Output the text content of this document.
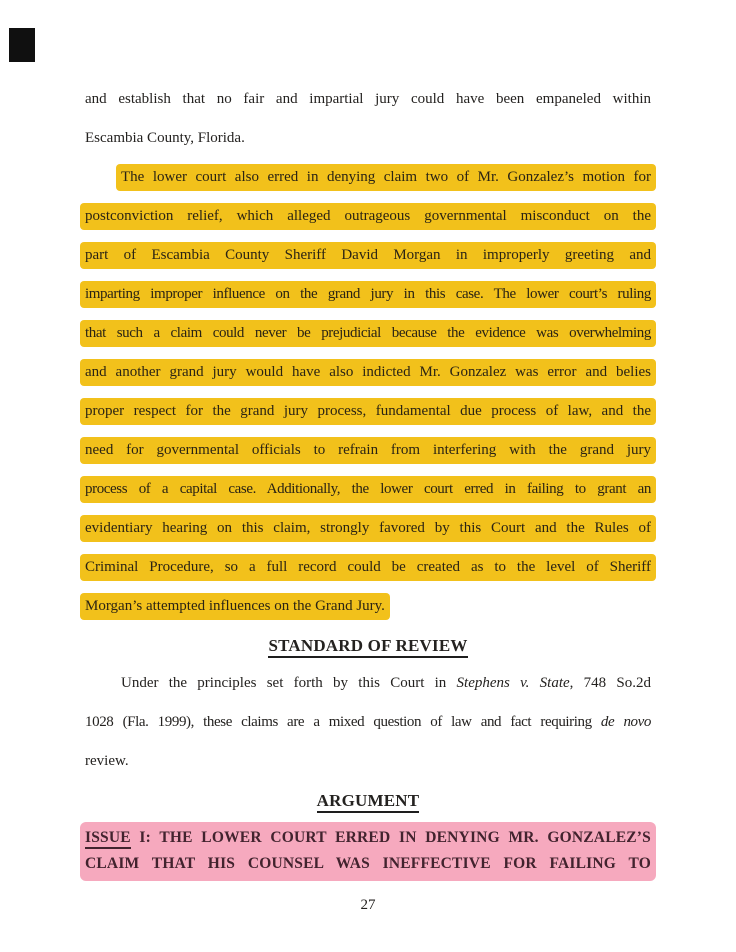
and establish that no fair and impartial jury could have been empaneled within
Escambia County, Florida.
The lower court also erred in denying claim two of Mr. Gonzalez’s motion for
postconviction relief, which alleged outrageous governmental misconduct on the
part of Escambia County Sheriff David Morgan in improperly greeting and
imparting improper influence on the grand jury in this case. The lower court’s ruling
that such a claim could never be prejudicial because the evidence was overwhelming
and another grand jury would have also indicted Mr. Gonzalez was error and belies
proper respect for the grand jury process, fundamental due process of law, and the
need for governmental officials to refrain from interfering with the grand jury
process of a capital case. Additionally, the lower court erred in failing to grant an
evidentiary hearing on this claim, strongly favored by this Court and the Rules of
Criminal Procedure, so a full record could be created as to the level of Sheriff
Morgan’s attempted influences on the Grand Jury.
STANDARD OF REVIEW
Under the principles set forth by this Court in Stephens v. State, 748 So.2d
1028 (Fla. 1999), these claims are a mixed question of law and fact requiring de novo
review.
ARGUMENT
ISSUE I: THE LOWER COURT ERRED IN DENYING MR. GONZALEZ’S
CLAIM THAT HIS COUNSEL WAS INEFFECTIVE FOR FAILING TO
27
